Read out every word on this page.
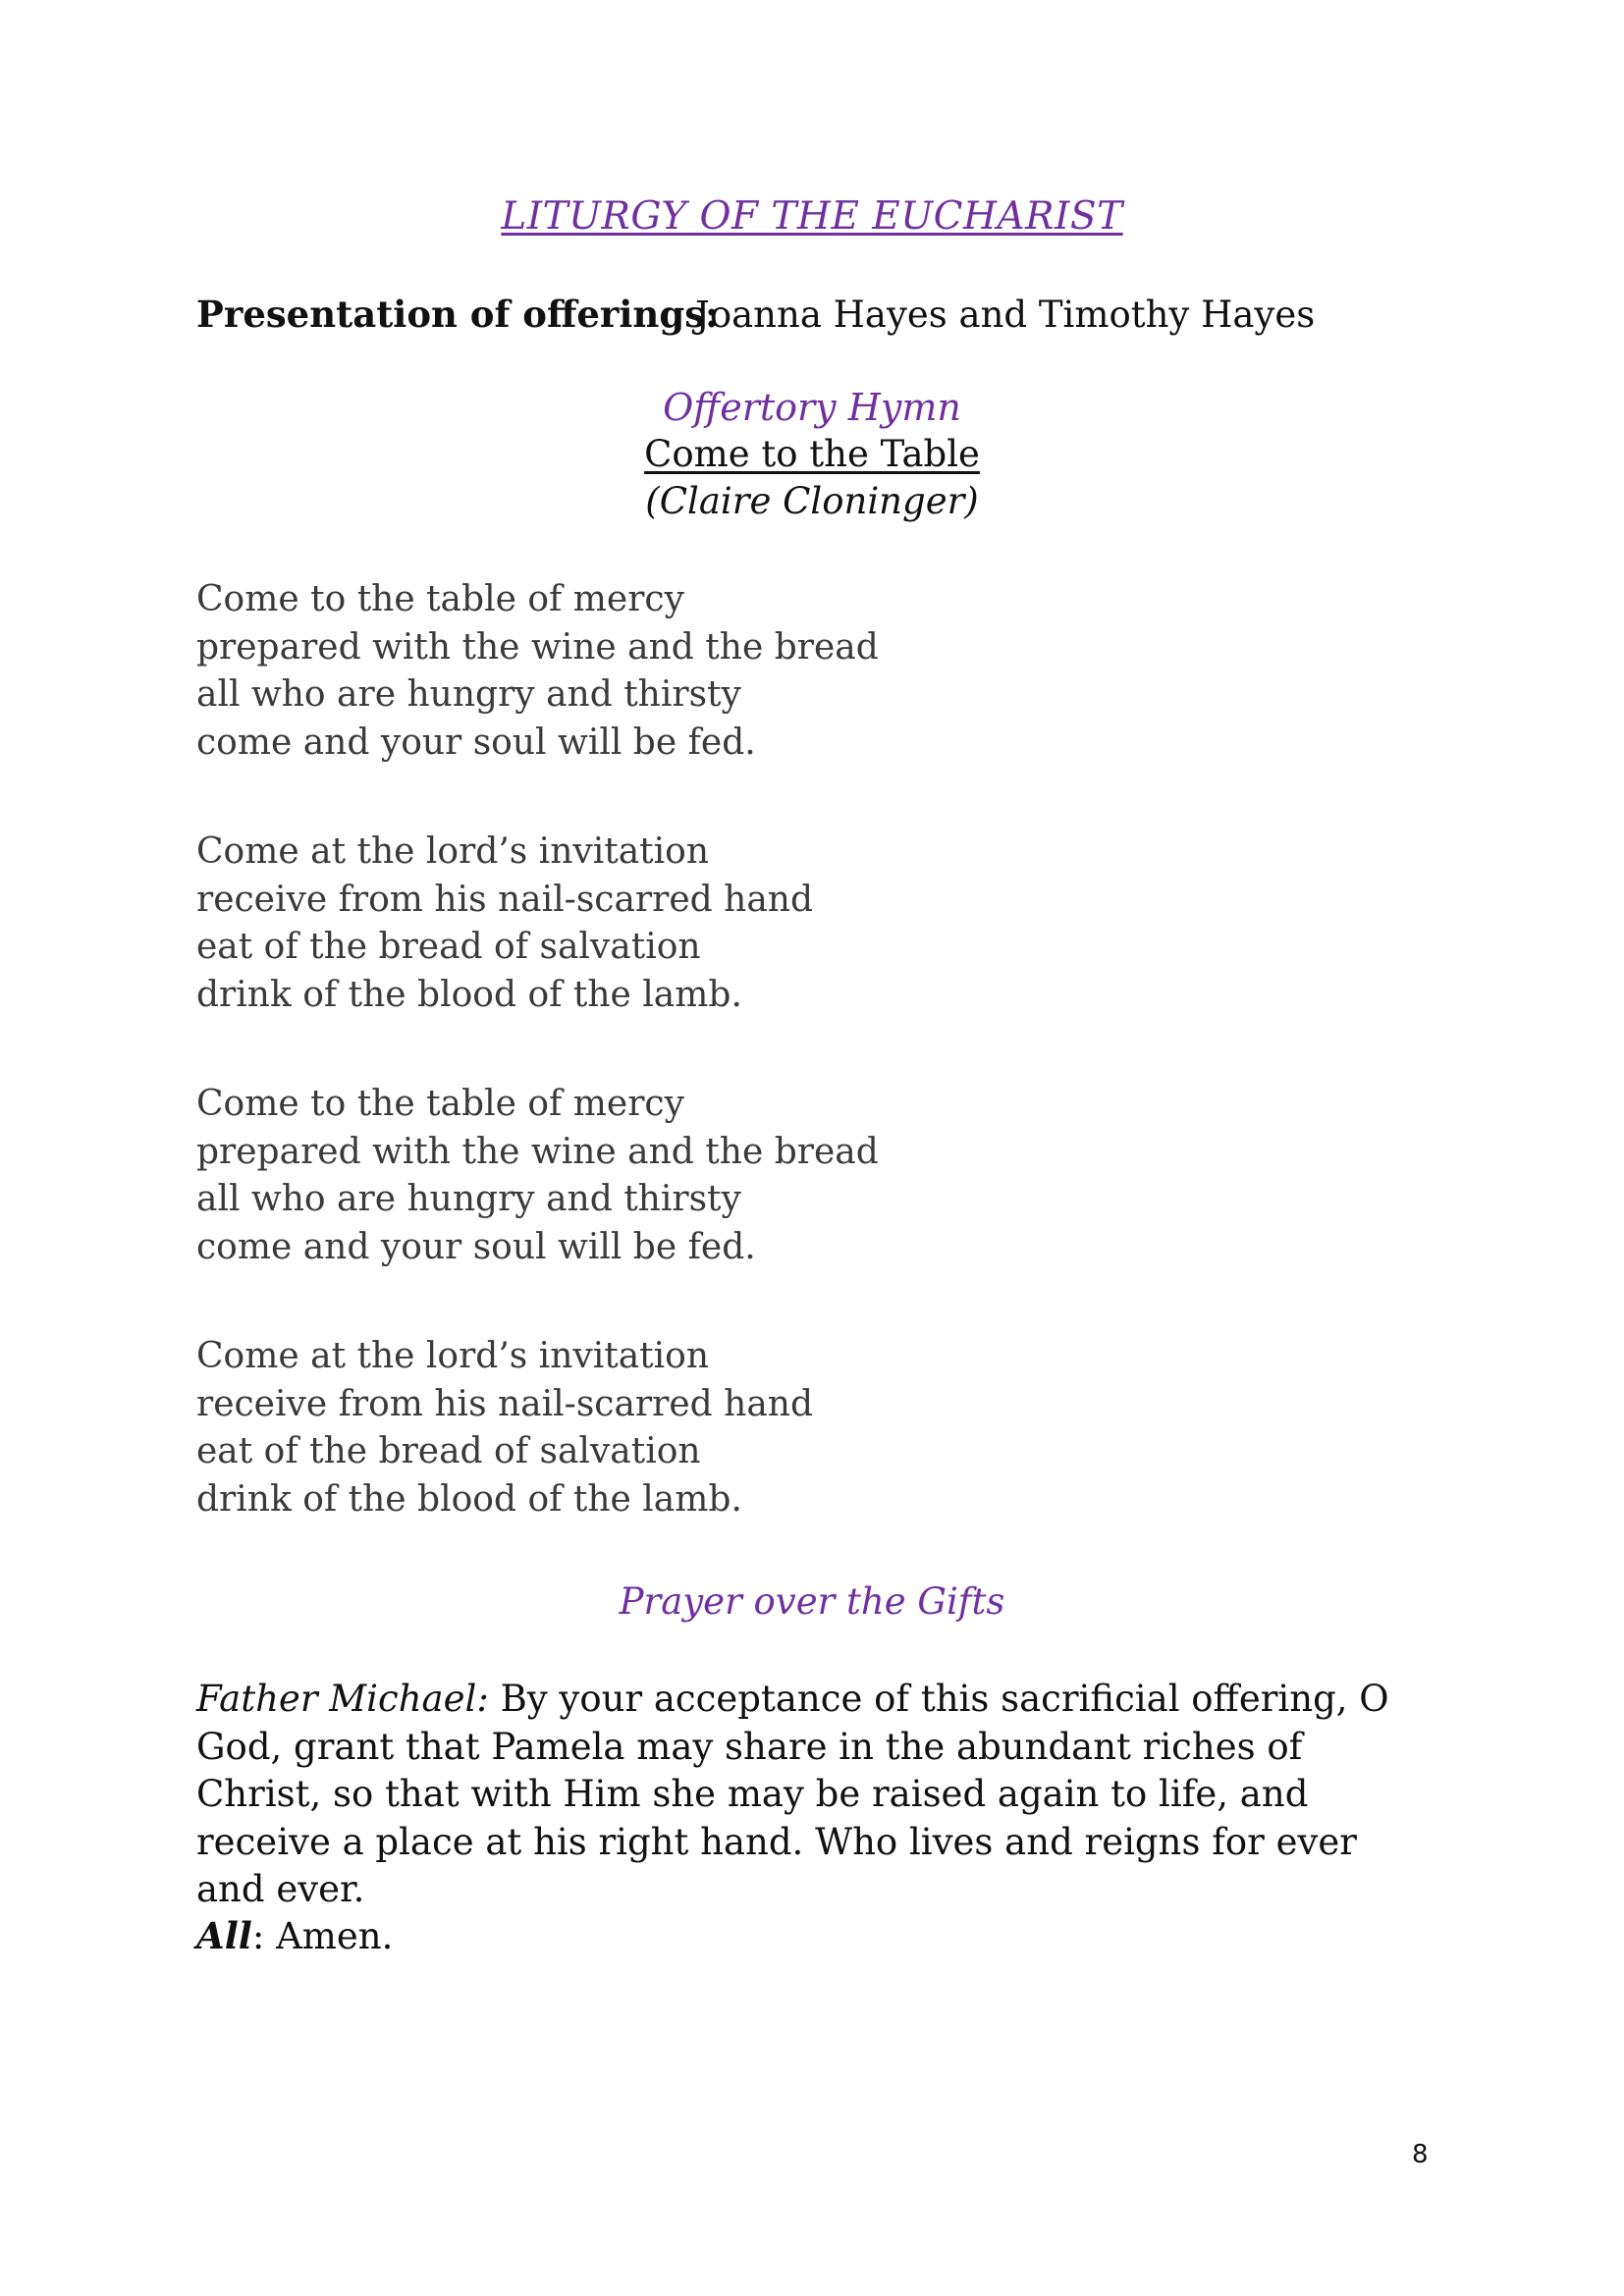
LITURGY OF THE EUCHARIST
Presentation of offerings:Joanna Hayes and Timothy Hayes
Offertory Hymn
Come to the Table
(Claire Cloninger)
Come to the table of mercy
prepared with the wine and the bread
all who are hungry and thirsty
come and your soul will be fed.
Come at the lord’s invitation
receive from his nail-scarred hand
eat of the bread of salvation
drink of the blood of the lamb.
Come to the table of mercy
prepared with the wine and the bread
all who are hungry and thirsty
come and your soul will be fed.
Come at the lord’s invitation
receive from his nail-scarred hand
eat of the bread of salvation
drink of the blood of the lamb.
Prayer over the Gifts
Father Michael: By your acceptance of this sacrificial offering, O God, grant that Pamela may share in the abundant riches of Christ, so that with Him she may be raised again to life, and receive a place at his right hand. Who lives and reigns for ever and ever.
All: Amen.
8
